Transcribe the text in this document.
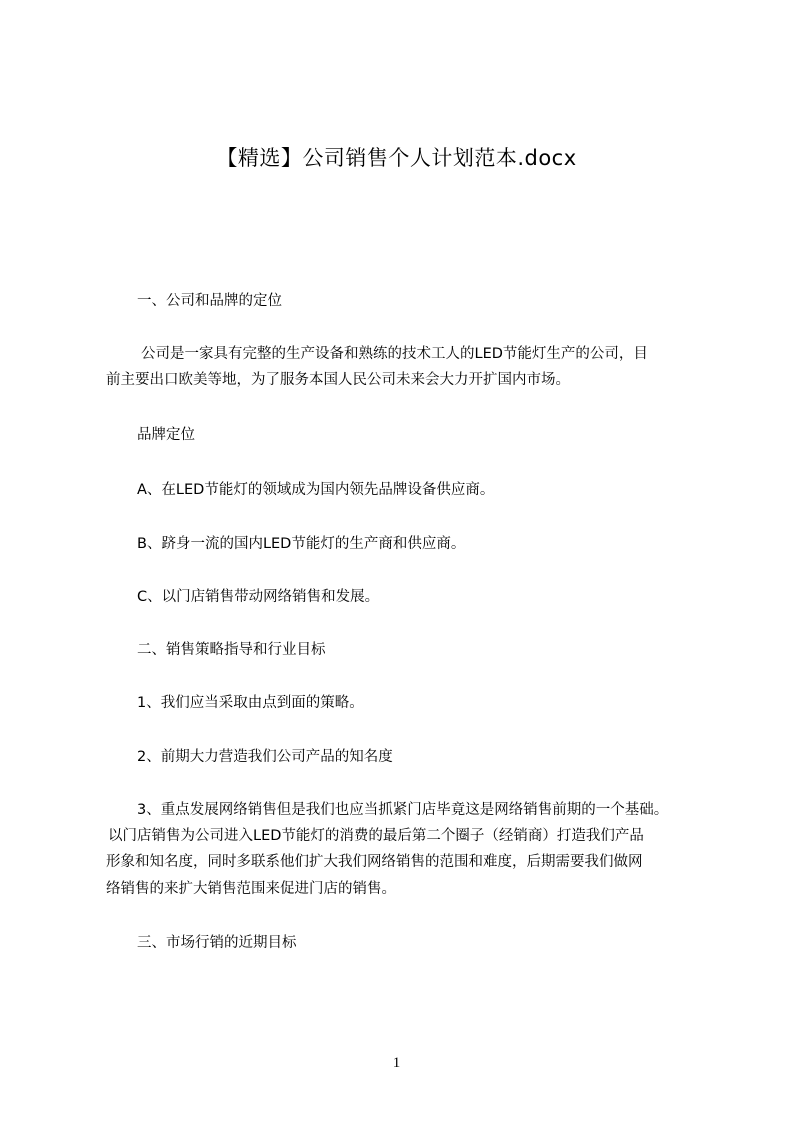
【精选】公司销售个人计划范本.docx
一、公司和品牌的定位
公司是一家具有完整的生产设备和熟练的技术工人的LED节能灯生产的公司，目
前主要出口欧美等地，为了服务本国人民公司未来会大力开扩国内市场。
品牌定位
A、在LED节能灯的领域成为国内领先品牌设备供应商。
B、跻身一流的国内LED节能灯的生产商和供应商。
C、以门店销售带动网络销售和发展。
二、销售策略指导和行业目标
1、我们应当采取由点到面的策略。
2、前期大力营造我们公司产品的知名度
3、重点发展网络销售但是我们也应当抓紧门店毕竟这是网络销售前期的一个基础。
以门店销售为公司进入LED节能灯的消费的最后第二个圈子（经销商）打造我们产品
形象和知名度，同时多联系他们扩大我们网络销售的范围和难度，后期需要我们做网
络销售的来扩大销售范围来促进门店的销售。
三、市场行销的近期目标
1
